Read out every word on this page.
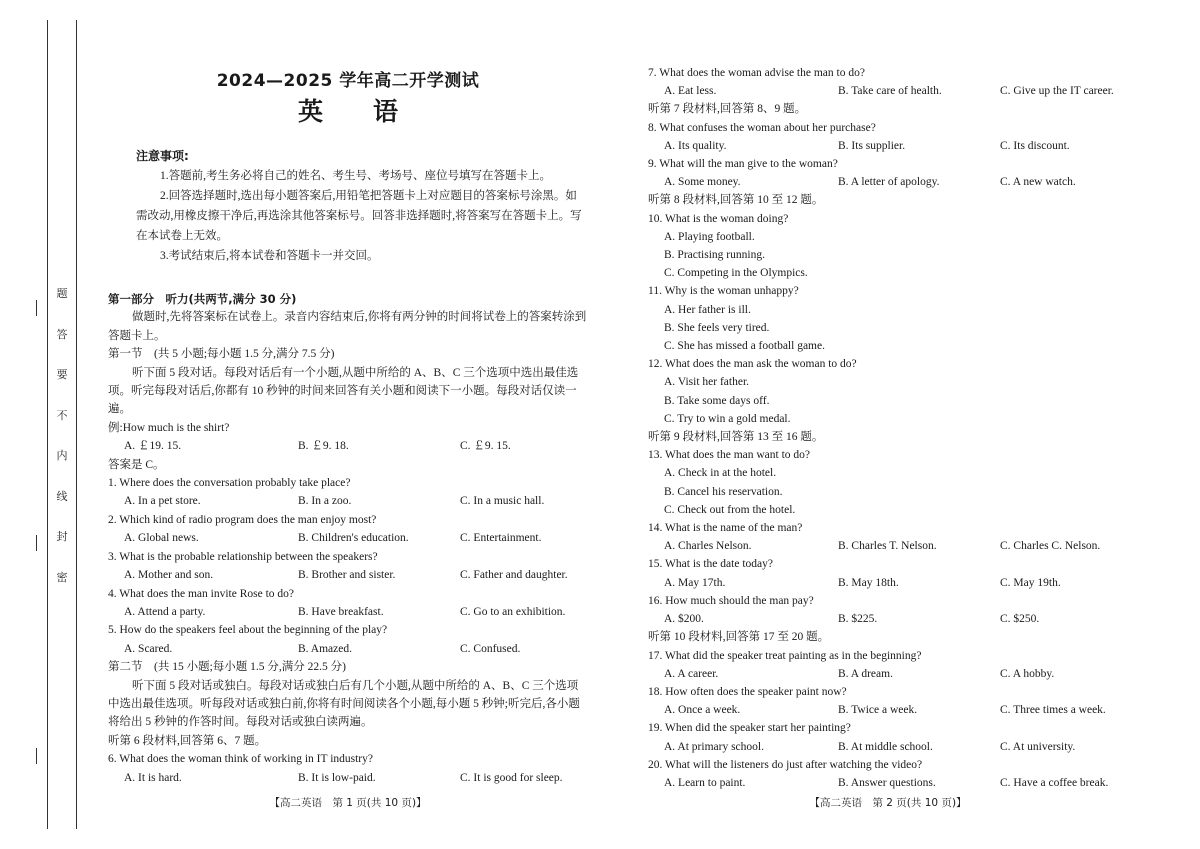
题
答
要
不
内
线
封
密
2024—2025 学年高二开学测试
英　　语
注意事项:
1.答题前,考生务必将自己的姓名、考生号、考场号、座位号填写在答题卡上。
2.回答选择题时,选出每小题答案后,用铅笔把答题卡上对应题目的答案标号涂黑。如需改动,用橡皮擦干净后,再选涂其他答案标号。回答非选择题时,将答案写在答题卡上。写在本试卷上无效。
3.考试结束后,将本试卷和答题卡一并交回。
第一部分　听力(共两节,满分 30 分)
做题时,先将答案标在试卷上。录音内容结束后,你将有两分钟的时间将试卷上的答案转涂到答题卡上。
第一节　(共 5 小题;每小题 1.5 分,满分 7.5 分)
听下面 5 段对话。每段对话后有一个小题,从题中所给的 A、B、C 三个选项中选出最佳选项。听完每段对话后,你都有 10 秒钟的时间来回答有关小题和阅读下一小题。每段对话仅读一遍。
例:How much is the shirt?
A. ￡19. 15.	B. ￡9. 18.	C. ￡9. 15.
答案是 C。
1. Where does the conversation probably take place?
A. In a pet store.	B. In a zoo.	C. In a music hall.
2. Which kind of radio program does the man enjoy most?
A. Global news.	B. Children's education.	C. Entertainment.
3. What is the probable relationship between the speakers?
A. Mother and son.	B. Brother and sister.	C. Father and daughter.
4. What does the man invite Rose to do?
A. Attend a party.	B. Have breakfast.	C. Go to an exhibition.
5. How do the speakers feel about the beginning of the play?
A. Scared.	B. Amazed.	C. Confused.
第二节　(共 15 小题;每小题 1.5 分,满分 22.5 分)
听下面 5 段对话或独白。每段对话或独白后有几个小题,从题中所给的 A、B、C 三个选项中选出最佳选项。听每段对话或独白前,你将有时间阅读各个小题,每小题 5 秒钟;听完后,各小题将给出 5 秒钟的作答时间。每段对话或独白读两遍。
听第 6 段材料,回答第 6、7 题。
6. What does the woman think of working in IT industry?
A. It is hard.	B. It is low-paid.	C. It is good for sleep.
【高二英语　第 1 页(共 10 页)】
7. What does the woman advise the man to do?
A. Eat less.	B. Take care of health.	C. Give up the IT career.
听第 7 段材料,回答第 8、9 题。
8. What confuses the woman about her purchase?
A. Its quality.	B. Its supplier.	C. Its discount.
9. What will the man give to the woman?
A. Some money.	B. A letter of apology.	C. A new watch.
听第 8 段材料,回答第 10 至 12 题。
10. What is the woman doing?
A. Playing football.
B. Practising running.
C. Competing in the Olympics.
11. Why is the woman unhappy?
A. Her father is ill.
B. She feels very tired.
C. She has missed a football game.
12. What does the man ask the woman to do?
A. Visit her father.
B. Take some days off.
C. Try to win a gold medal.
听第 9 段材料,回答第 13 至 16 题。
13. What does the man want to do?
A. Check in at the hotel.
B. Cancel his reservation.
C. Check out from the hotel.
14. What is the name of the man?
A. Charles Nelson.	B. Charles T. Nelson.	C. Charles C. Nelson.
15. What is the date today?
A. May 17th.	B. May 18th.	C. May 19th.
16. How much should the man pay?
A. $200.	B. $225.	C. $250.
听第 10 段材料,回答第 17 至 20 题。
17. What did the speaker treat painting as in the beginning?
A. A career.	B. A dream.	C. A hobby.
18. How often does the speaker paint now?
A. Once a week.	B. Twice a week.	C. Three times a week.
19. When did the speaker start her painting?
A. At primary school.	B. At middle school.	C. At university.
20. What will the listeners do just after watching the video?
A. Learn to paint.	B. Answer questions.	C. Have a coffee break.
【高二英语　第 2 页(共 10 页)】
